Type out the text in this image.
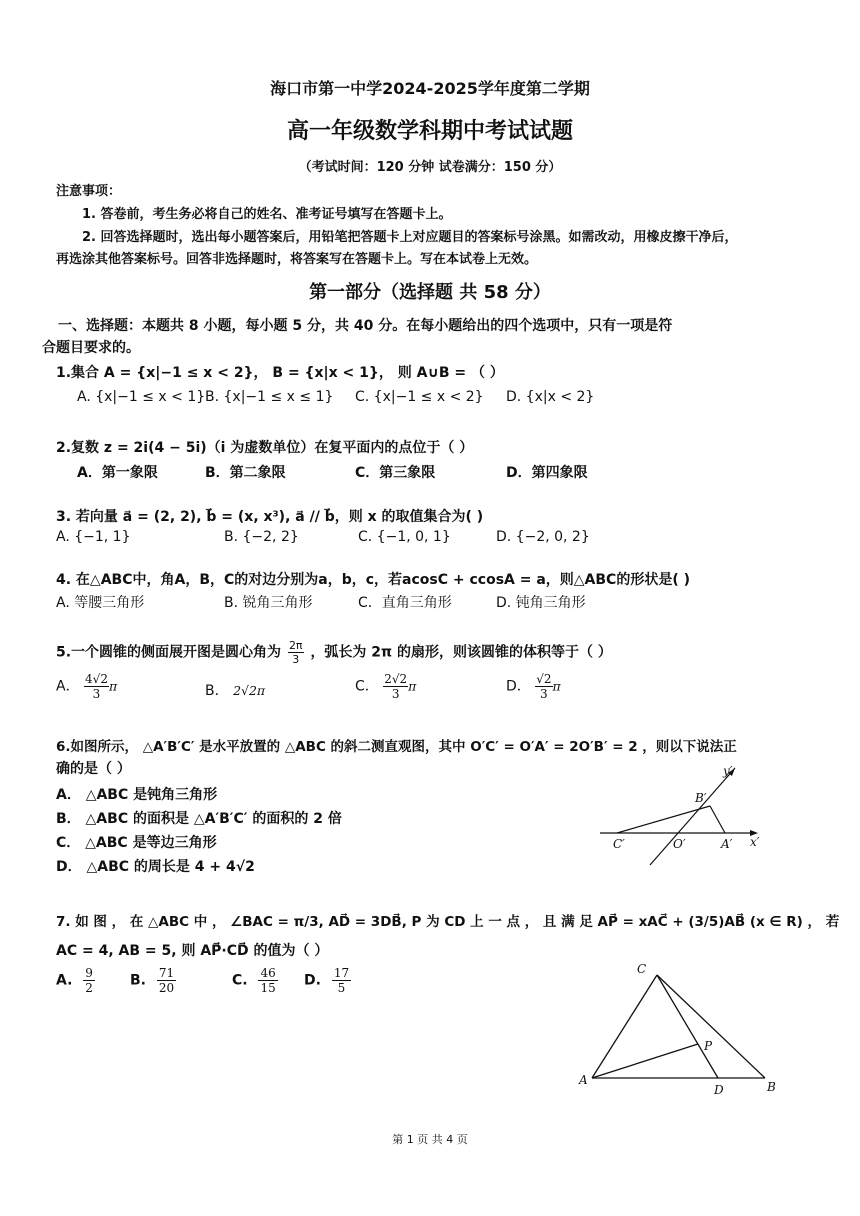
海口市第一中学2024-2025学年度第二学期
高一年级数学科期中考试试题
（考试时间：120 分钟 试卷满分：150 分）
注意事项：
1. 答卷前，考生务必将自己的姓名、准考证号填写在答题卡上。
2. 回答选择题时，选出每小题答案后，用铅笔把答题卡上对应题目的答案标号涂黑。如需改动，用橡皮擦干净后，
再选涂其他答案标号。回答非选择题时，将答案写在答题卡上。写在本试卷上无效。
第一部分（选择题 共 58 分）
一、选择题：本题共 8 小题，每小题 5 分，共 40 分。在每小题给出的四个选项中，只有一项是符
合题目要求的。
1.集合 A = {x|−1 ≤ x < 2}， B = {x|x < 1}， 则 A∪B = （ ）
A. {x|−1 ≤ x < 1} B. {x|−1 ≤ x ≤ 1} C. {x|−1 ≤ x < 2} D. {x|x < 2}
2.复数 z = 2i(4 − 5i)（i 为虚数单位）在复平面内的点位于（ ）
A．第一象限	B．第二象限	C．第三象限	D．第四象限
3. 若向量 a⃗ = (2, 2), b⃗ = (x, x³), a⃗ // b⃗，则 x 的取值集合为( )
A. {−1, 1}	B. {−2, 2}	C. {−1, 0, 1}	D. {−2, 0, 2}
4. 在△ABC中，角A，B，C的对边分别为a，b，c，若acosC + ccosA = a，则△ABC的形状是( )
A. 等腰三角形	B. 锐角三角形	C．直角三角形	D. 钝角三角形
5.一个圆锥的侧面展开图是圆心角为 $\frac{2\pi}{3}$ ，弧长为 2π 的扇形，则该圆锥的体积等于（ ）
A． $\frac{4√2}{3}$ π	B． 2√2π	C． $\frac{2√2}{3}$ π	D． $\frac{√2}{3}$ π
6.如图所示， △A′B′C′ 是水平放置的 △ABC 的斜二测直观图，其中 O′C′ = O′A′ = 2O′B′ = 2 ，则以下说法正
确的是（ ）
A． △ABC 是钝角三角形
B． △ABC 的面积是 △A′B′C′ 的面积的 2 倍
C． △ABC 是等边三角形
D． △ABC 的周长是 4 + 4√2
y′
B′
C′	O′	A′ x′
7. 如 图 ， 在 △ABC 中 ， ∠BAC = π/3, AD⃗ = 3DB⃗, P 为 CD 上 一 点 ， 且 满 足 AP⃗ = xAC⃗ + (3/5)AB⃗ (x ∈ R) ， 若
AC = 4, AB = 5, 则 AP⃗·CD⃗ 的值为（ ）
A. $\frac{9}{2}$	B. $\frac{71}{20}$	C. $\frac{46}{15} D$. $\frac{17}{5}$	C
P
A
D	B
第 1 页 共 4 页
